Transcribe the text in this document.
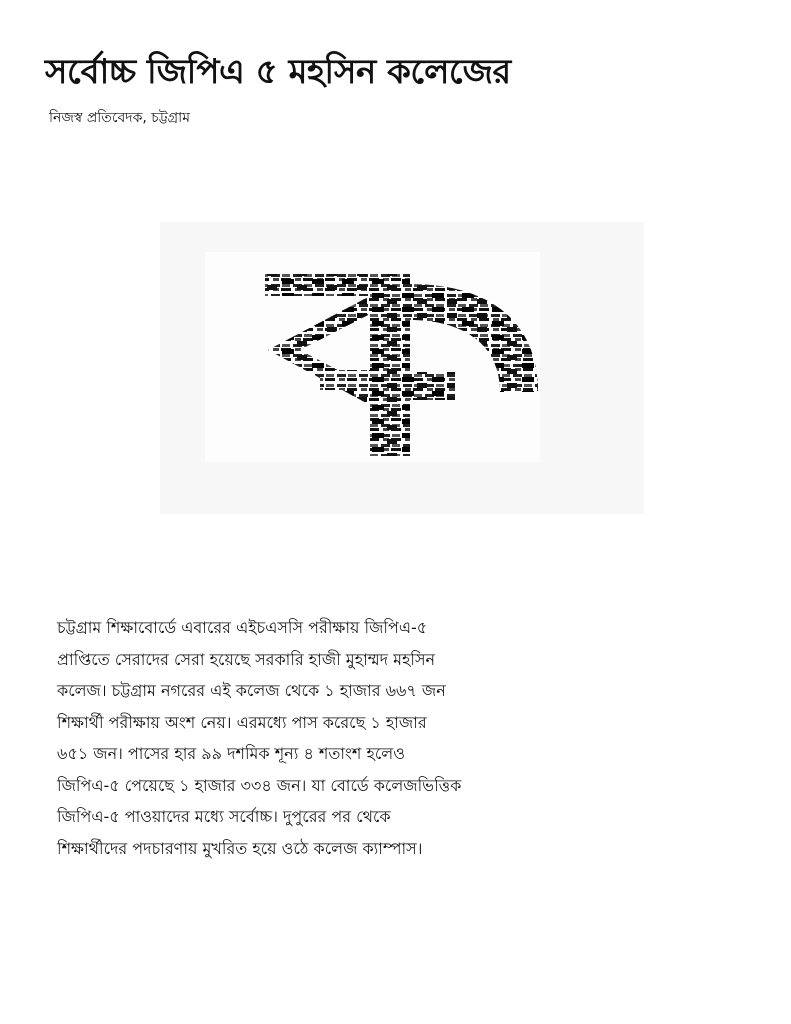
সর্বোচ্চ জিপিএ ৫ মহসিন কলেজের
নিজস্ব প্রতিবেদক, চট্টগ্রাম
প্র

চট্টগ্রাম শিক্ষাবোর্ডে এবারের এইচএসসি পরীক্ষায় জিপিএ-৫
প্রাপ্তিতে সেরাদের সেরা হয়েছে সরকারি হাজী মুহাম্মদ মহসিন
কলেজ। চট্টগ্রাম নগরের এই কলেজ থেকে ১ হাজার ৬৬৭ জন
শিক্ষার্থী পরীক্ষায় অংশ নেয়। এরমধ্যে পাস করেছে ১ হাজার
৬৫১ জন। পাসের হার ৯৯ দশমিক শূন্য ৪ শতাংশ হলেও
জিপিএ-৫ পেয়েছে ১ হাজার ৩৩৪ জন। যা বোর্ডে কলেজভিত্তিক
জিপিএ-৫ পাওয়াদের মধ্যে সর্বোচ্চ। দুপুরের পর থেকে
শিক্ষার্থীদের পদচারণায় মুখরিত হয়ে ওঠে কলেজ ক্যাম্পাস।
